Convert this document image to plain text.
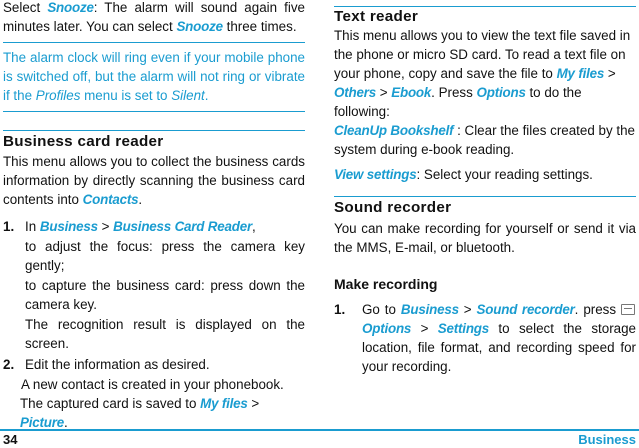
Select Snooze: The alarm will sound again five minutes later. You can select Snooze three times.

The alarm clock will ring even if your mobile phone is switched off, but the alarm will not ring or vibrate if the Profiles menu is set to Silent.

Business card reader

This menu allows you to collect the business cards information by directly scanning the business card contents into Contacts.

1. In Business > Business Card Reader,

to adjust the focus: press the camera key gently;

to capture the business card: press down the camera key.

The recognition result is displayed on the screen.

2. Edit the information as desired.

A new contact is created in your phonebook.

The captured card is saved to My files >
Picture.

Text reader

This menu allows you to view the text file saved in the phone or micro SD card. To read a text file on your phone, copy and save the file to My files > Others > Ebook. Press Options to do the following:

CleanUp Bookshelf : Clear the files created by the system during e-book reading.

View settings: Select your reading settings.

Sound recorder

You can make recording for yourself or send it via the MMS, E-mail, or bluetooth.

Make recording
1.	Go to Business > Sound recorder. press Options > Settings to select the storage location, file format, and recording speed for your recording.
34	Business
